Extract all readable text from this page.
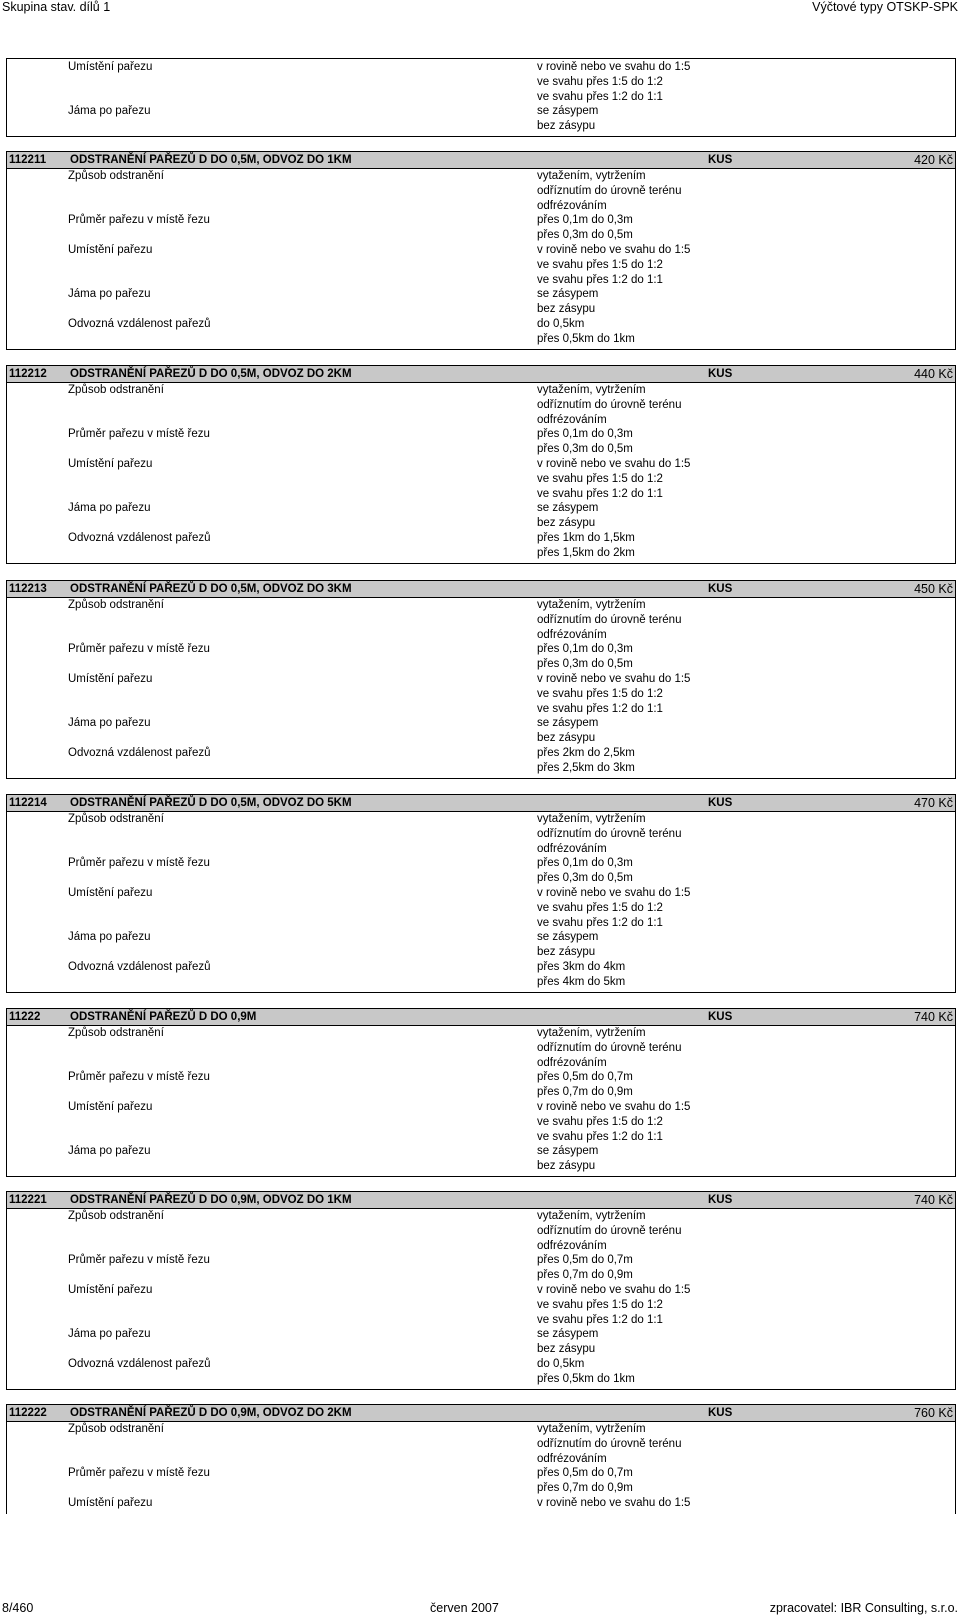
Skupina stav. dílů 1	Výčtové typy OTSKP-SPK
Umístění pařezu	v rovině nebo ve svahu do 1:5
ve svahu přes 1:5 do 1:2
ve svahu přes 1:2 do 1:1
Jáma po pařezu	se zásypem
bez zásypu
112211 ODSTRANĚNÍ PAŘEZŮ D DO 0,5M, ODVOZ DO 1KM	KUS	420 Kč
Způsob odstranění	vytažením, vytržením
odříznutím do úrovně terénu
odfrézováním
Průměr pařezu v místě řezu	přes 0,1m do 0,3m
přes 0,3m do 0,5m
Umístění pařezu	v rovině nebo ve svahu do 1:5
ve svahu přes 1:5 do 1:2
ve svahu přes 1:2 do 1:1
Jáma po pařezu	se zásypem
bez zásypu
Odvozná vzdálenost pařezů	do 0,5km
přes 0,5km do 1km
112212 ODSTRANĚNÍ PAŘEZŮ D DO 0,5M, ODVOZ DO 2KM	KUS	440 Kč
Způsob odstranění	vytažením, vytržením
odříznutím do úrovně terénu
odfrézováním
Průměr pařezu v místě řezu	přes 0,1m do 0,3m
přes 0,3m do 0,5m
Umístění pařezu	v rovině nebo ve svahu do 1:5
ve svahu přes 1:5 do 1:2
ve svahu přes 1:2 do 1:1
Jáma po pařezu	se zásypem
bez zásypu
Odvozná vzdálenost pařezů	přes 1km do 1,5km
přes 1,5km do 2km
112213 ODSTRANĚNÍ PAŘEZŮ D DO 0,5M, ODVOZ DO 3KM	KUS	450 Kč
Způsob odstranění	vytažením, vytržením
odříznutím do úrovně terénu
odfrézováním
Průměr pařezu v místě řezu	přes 0,1m do 0,3m
přes 0,3m do 0,5m
Umístění pařezu	v rovině nebo ve svahu do 1:5
ve svahu přes 1:5 do 1:2
ve svahu přes 1:2 do 1:1
Jáma po pařezu	se zásypem
bez zásypu
Odvozná vzdálenost pařezů	přes 2km do 2,5km
přes 2,5km do 3km
112214 ODSTRANĚNÍ PAŘEZŮ D DO 0,5M, ODVOZ DO 5KM	KUS	470 Kč
Způsob odstranění	vytažením, vytržením
odříznutím do úrovně terénu
odfrézováním
Průměr pařezu v místě řezu	přes 0,1m do 0,3m
přes 0,3m do 0,5m
Umístění pařezu	v rovině nebo ve svahu do 1:5
ve svahu přes 1:5 do 1:2
ve svahu přes 1:2 do 1:1
Jáma po pařezu	se zásypem
bez zásypu
Odvozná vzdálenost pařezů	přes 3km do 4km
přes 4km do 5km
11222	ODSTRANĚNÍ PAŘEZŮ D DO 0,9M	KUS	740 Kč
Způsob odstranění	vytažením, vytržením
odříznutím do úrovně terénu
odfrézováním
Průměr pařezu v místě řezu	přes 0,5m do 0,7m
přes 0,7m do 0,9m
Umístění pařezu	v rovině nebo ve svahu do 1:5
ve svahu přes 1:5 do 1:2
ve svahu přes 1:2 do 1:1
Jáma po pařezu	se zásypem
bez zásypu
112221 ODSTRANĚNÍ PAŘEZŮ D DO 0,9M, ODVOZ DO 1KM	KUS	740 Kč
Způsob odstranění	vytažením, vytržením
odříznutím do úrovně terénu
odfrézováním
Průměr pařezu v místě řezu	přes 0,5m do 0,7m
přes 0,7m do 0,9m
Umístění pařezu	v rovině nebo ve svahu do 1:5
ve svahu přes 1:5 do 1:2
ve svahu přes 1:2 do 1:1
Jáma po pařezu	se zásypem
bez zásypu
Odvozná vzdálenost pařezů	do 0,5km
přes 0,5km do 1km
112222 ODSTRANĚNÍ PAŘEZŮ D DO 0,9M, ODVOZ DO 2KM	KUS	760 Kč
Způsob odstranění	vytažením, vytržením
odříznutím do úrovně terénu
odfrézováním
Průměr pařezu v místě řezu	přes 0,5m do 0,7m
přes 0,7m do 0,9m
Umístění pařezu	v rovině nebo ve svahu do 1:5
8/460	červen 2007	zpracovatel: IBR Consulting, s.r.o.
